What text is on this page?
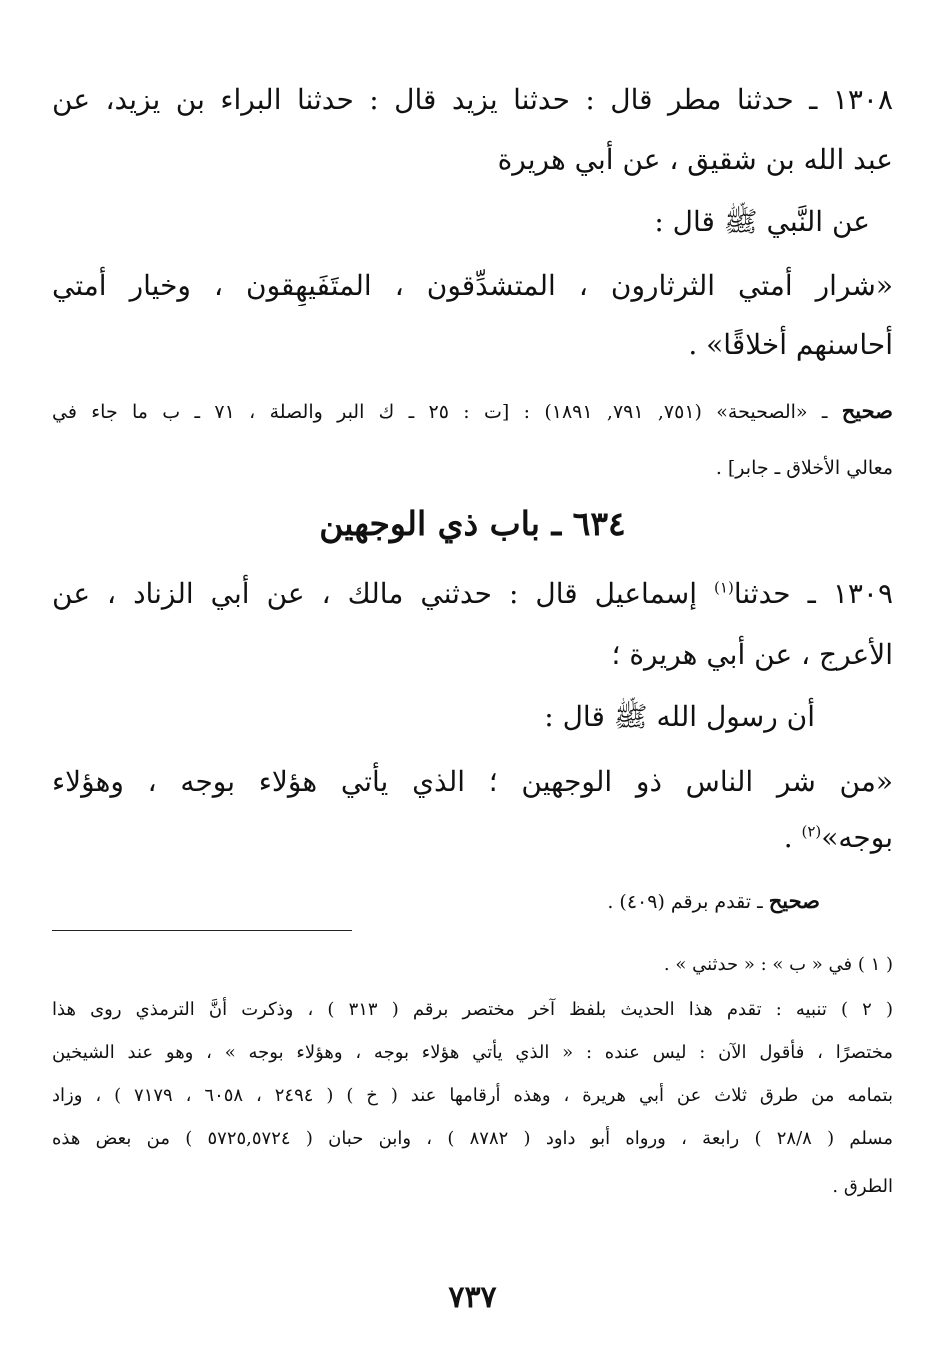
١٣٠٨ ـ حدثنا مطر قال : حدثنا يزيد قال : حدثنا البراء بن يزيد، عن
عبد الله بن شقيق ، عن أبي هريرة
عن النَّبي ﷺ قال :
«شرار أمتي الثرثارون ، المتشدِّقون ، المتَفَيهِقون ، وخيار أمتي
أحاسنهم أخلاقًا» .
صحيح ـ «الصحيحة» (٧٥١, ٧٩١, ١٨٩١) : [ت : ٢٥ ـ ك البر والصلة ، ٧١ ـ ب ما جاء في
معالي الأخلاق ـ جابر] .
٦٣٤ ـ باب ذي الوجهين
١٣٠٩ ـ حدثنا$^{(١)}$ إسماعيل قال : حدثني مالك ، عن أبي الزناد ، عن
الأعرج ، عن أبي هريرة ؛
أن رسول الله ﷺ قال :
«من شر الناس ذو الوجهين ؛ الذي يأتي هؤلاء بوجه ، وهؤلاء
بوجه»$^{(٢)}$ .
صحيح ـ تقدم برقم (٤٠٩) .
( ١ ) في « ب » : « حدثني » .
( ٢ ) تنبيه : تقدم هذا الحديث بلفظ آخر مختصر برقم ( ٣١٣ ) ، وذكرت أنَّ الترمذي روى هذا
مختصرًا ، فأقول الآن : ليس عنده : « الذي يأتي هؤلاء بوجه ، وهؤلاء بوجه » ، وهو عند الشيخين
بتمامه من طرق ثلاث عن أبي هريرة ، وهذه أرقامها عند ( خ ) ( ٢٤٩٤ ، ٦٠٥٨ ، ٧١٧٩ ) ، وزاد
مسلم ( ٢٨/٨ ) رابعة ، ورواه أبو داود ( ٨٧٨٢ ) ، وابن حبان ( ٥٧٢٥,٥٧٢٤ ) من بعض هذه
الطرق .
٧٣٧
